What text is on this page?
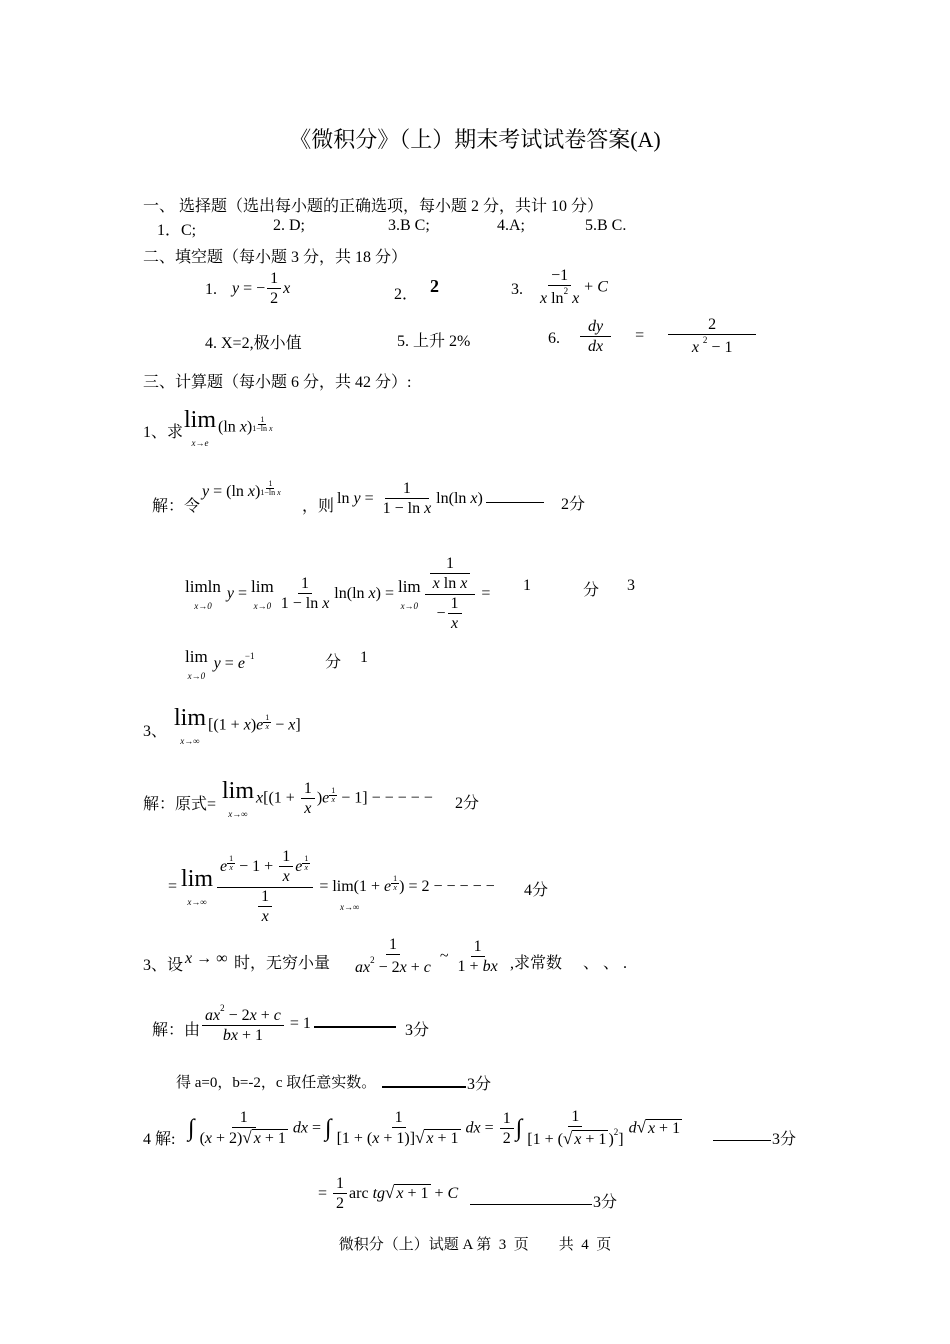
《微积分》（上）期末考试试卷答案(A)
一、 选择题（选出每小题的正确选项，每小题 2 分，共计 10 分）
1．C;	2. D;	3.B C;	4.A;	5.B C.
二、填空题（每小题 3 分，共 18 分）
1. y = − $\frac{1}{2}$ x	2． 2	3. $\frac{-1}{x \ln^2 x} + C$
4. X=2,极小值	5. 上升 2%	6. $\frac{dy}{dx} = \frac{2}{x ^2 - 1}$
三、计算题（每小题 6 分，共 42 分）:
1、求 lim
x→e
(ln $x) \frac{1}{\text{1−ln x}}$
解：令
y = (ln $x) \frac{1}{\text{1−ln x}}$
，则 $\ln y = \frac{1}{\text{1 − ln x}} \ln(\ln$ x)	2分
limln
x→0
y = lim
$x\to 0 \frac{1}{\text{1 − ln x}} \ln(\ln$ x) = lim
$x\to 0 \frac{\frac{1}{\text{x ln x}}}{- \frac{1}{x}} = 1$	分 3
lim
x→0
$y = e^{-1}$	分 1
3、
lim
x→∞
$[(1 + x)e \frac{1}{x} - x]$
解：原式=
lim
x→∞
$x[(1 + \frac{1}{x} )e \frac{1}{x} - 1]$ − − − − − 2分
= lim
$x\to\infty \frac{e \frac{1}{x} - 1 + \frac{1}{x} e \frac{1}{x}}{\frac{1}{x}} = \lim(1 + e \frac{1}{x}$ ) = 2 − − − − − 4分
x→∞
3、设 x → ∞ 时，无穷小量 $\frac{1}{ax^2 - 2x + c}$ ~ $\frac{1}{1 + bx}$ ,求常数 、 、 .
解：由 $\frac{ax^2 - 2x + c}{bx + 1} = 1$	3分
得 a=0，b=-2，c 取任意实数。	3分
4 解: ∫ $\frac{1}{(x + 2)√ x + 1}$ dx = ∫ $\frac{1}{[1 + (x + 1)]√ x + 1}$ dx = $\frac{1}{2}$ ∫ $\frac{1}{[1 + (√ x + 1 )^2]} d√$ x + 1
3分
= $\frac{1}{2}$ arc tg√ x + 1 + C
3分
微积分（上）试题 A 第  3  页        共  4  页
